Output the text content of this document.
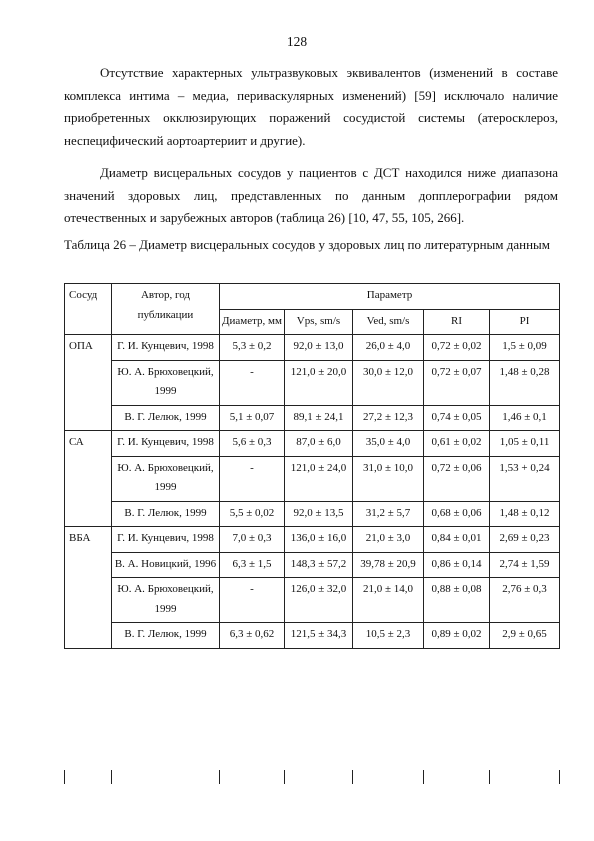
128

Отсутствие характерных ультразвуковых эквивалентов (изменений в составе комплекса интима – медиа, периваскулярных изменений) [59] исключало наличие приобретенных окклюзирующих поражений сосудистой системы (атеросклероз, неспецифический аортоартериит и другие).

Диаметр висцеральных сосудов у пациентов с ДСТ находился ниже диапазона значений здоровых лиц, представленных по данным допплерографии рядом отечественных и зарубежных авторов (таблица 26) [10, 47, 55, 105, 266].

Таблица 26 – Диаметр висцеральных сосудов у здоровых лиц по литературным данным

Сосуд	Автор, год публикации	Параметр				
		Диаметр, мм	Vps, sm/s	Ved, sm/s	RI	PI
ОПА	Г. И. Кунцевич, 1998	5,3 ± 0,2	92,0 ± 13,0	26,0 ± 4,0	0,72 ± 0,02	1,5 ± 0,09
	Ю. А. Брюховецкий, 1999	-	121,0 ± 20,0	30,0 ± 12,0	0,72 ± 0,07	1,48 ± 0,28
	В. Г. Лелюк, 1999	5,1 ± 0,07	89,1 ± 24,1	27,2 ± 12,3	0,74 ± 0,05	1,46 ± 0,1
СА	Г. И. Кунцевич, 1998	5,6 ± 0,3	87,0 ± 6,0	35,0 ± 4,0	0,61 ± 0,02	1,05 ± 0,11
	Ю. А. Брюховецкий, 1999	-	121,0 ± 24,0	31,0 ± 10,0	0,72 ± 0,06	1,53 + 0,24
	В. Г. Лелюк, 1999	5,5 ± 0,02	92,0 ± 13,5	31,2 ± 5,7	0,68 ± 0,06	1,48 ± 0,12
ВБА	Г. И. Кунцевич, 1998	7,0 ± 0,3	136,0 ± 16,0	21,0 ± 3,0	0,84 ± 0,01	2,69 ± 0,23
	В. А. Новицкий, 1996	6,3 ± 1,5	148,3 ± 57,2	39,78 ± 20,9	0,86 ± 0,14	2,74 ± 1,59
	Ю. А. Брюховецкий, 1999	-	126,0 ± 32,0	21,0 ± 14,0	0,88 ± 0,08	2,76 ± 0,3
	В. Г. Лелюк, 1999	6,3 ± 0,62	121,5 ± 34,3	10,5 ± 2,3	0,89 ± 0,02	2,9 ± 0,65
